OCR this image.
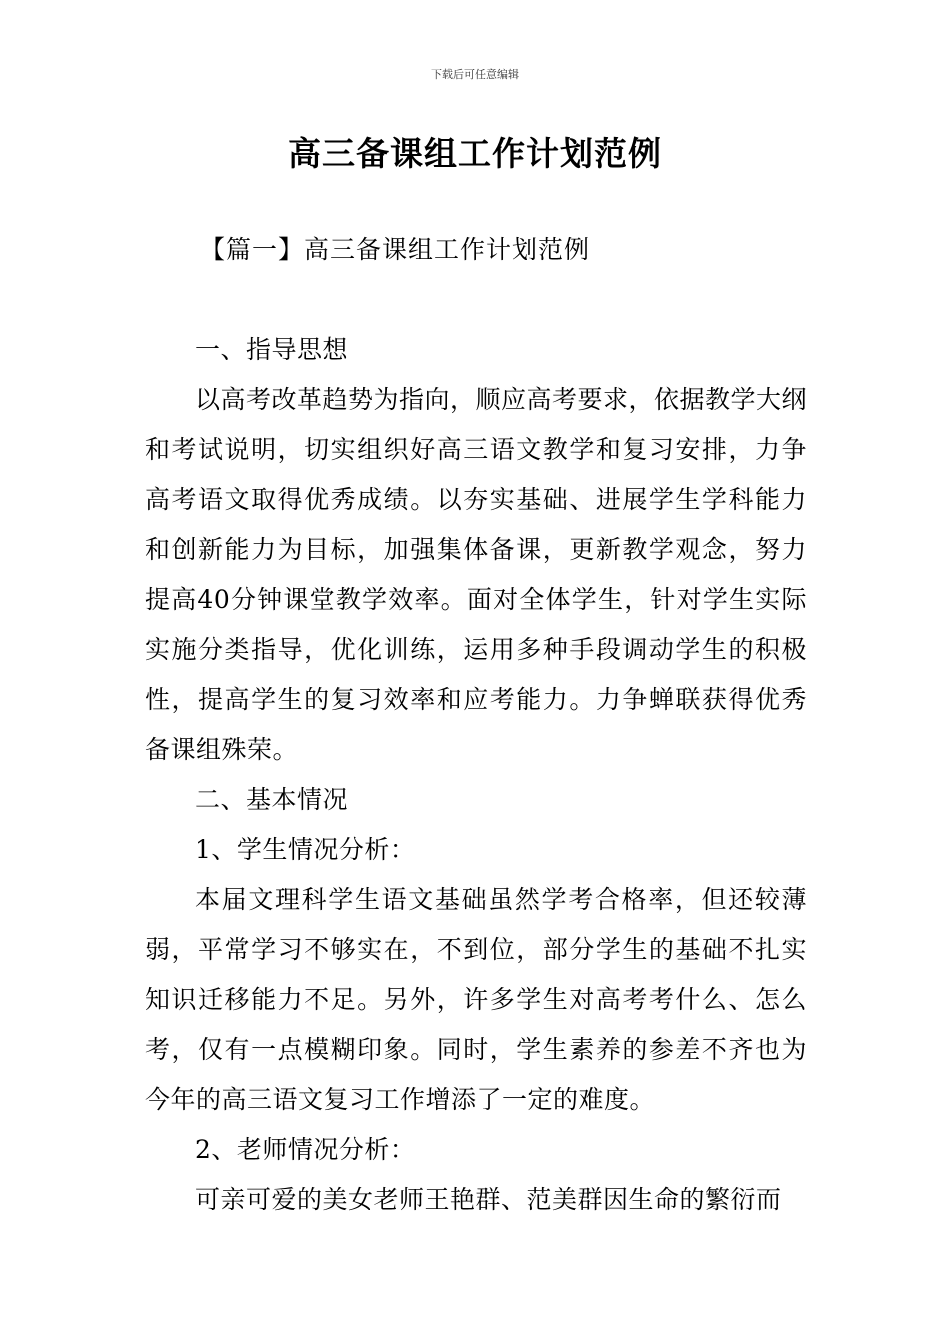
下载后可任意编辑
高三备课组工作计划范例
【篇一】高三备课组工作计划范例

一、指导思想

以高考改革趋势为指向，顺应高考要求，依据教学大纲和考试说明，切实组织好高三语文教学和复习安排，力争高考语文取得优秀成绩。以夯实基础、进展学生学科能力和创新能力为目标，加强集体备课，更新教学观念，努力提高40分钟课堂教学效率。面对全体学生，针对学生实际实施分类指导，优化训练，运用多种手段调动学生的积极性，提高学生的复习效率和应考能力。力争蝉联获得优秀备课组殊荣。

二、基本情况

1、学生情况分析：

本届文理科学生语文基础虽然学考合格率，但还较薄弱，平常学习不够实在，不到位，部分学生的基础不扎实知识迁移能力不足。另外，许多学生对高考考什么、怎么考，仅有一点模糊印象。同时，学生素养的参差不齐也为今年的高三语文复习工作增添了一定的难度。

2、老师情况分析：

可亲可爱的美女老师王艳群、范美群因生命的繁衍而
